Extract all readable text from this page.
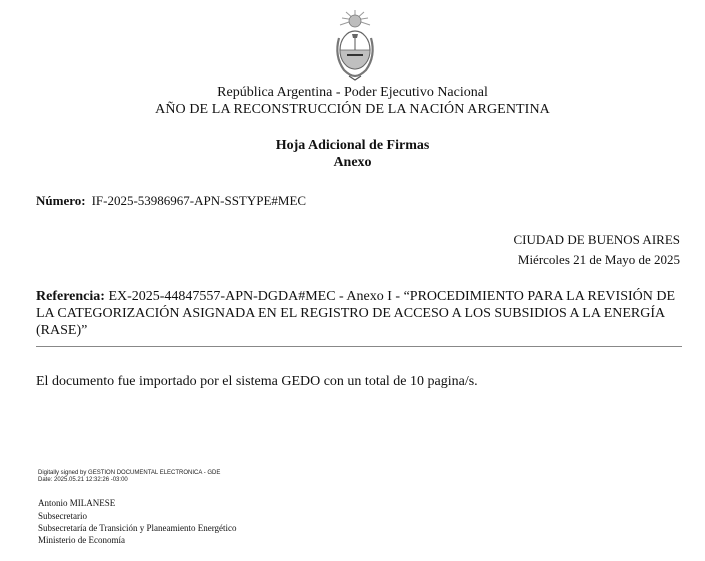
República Argentina - Poder Ejecutivo Nacional
AÑO DE LA RECONSTRUCCIÓN DE LA NACIÓN ARGENTINA
Hoja Adicional de Firmas
Anexo
Número: IF-2025-53986967-APN-SSTYPE#MEC
CIUDAD DE BUENOS AIRES
Miércoles 21 de Mayo de 2025
Referencia: EX-2025-44847557-APN-DGDA#MEC - Anexo I - “PROCEDIMIENTO PARA LA REVISIÓN DE LA CATEGORIZACIÓN ASIGNADA EN EL REGISTRO DE ACCESO A LOS SUBSIDIOS A LA ENERGÍA (RASE)”
El documento fue importado por el sistema GEDO con un total de 10 pagina/s.
Digitally signed by GESTION DOCUMENTAL ELECTRONICA - GDE
Date: 2025.05.21 12:32:26 -03:00
Antonio MILANESE
Subsecretario
Subsecretaría de Transición y Planeamiento Energético
Ministerio de Economía
